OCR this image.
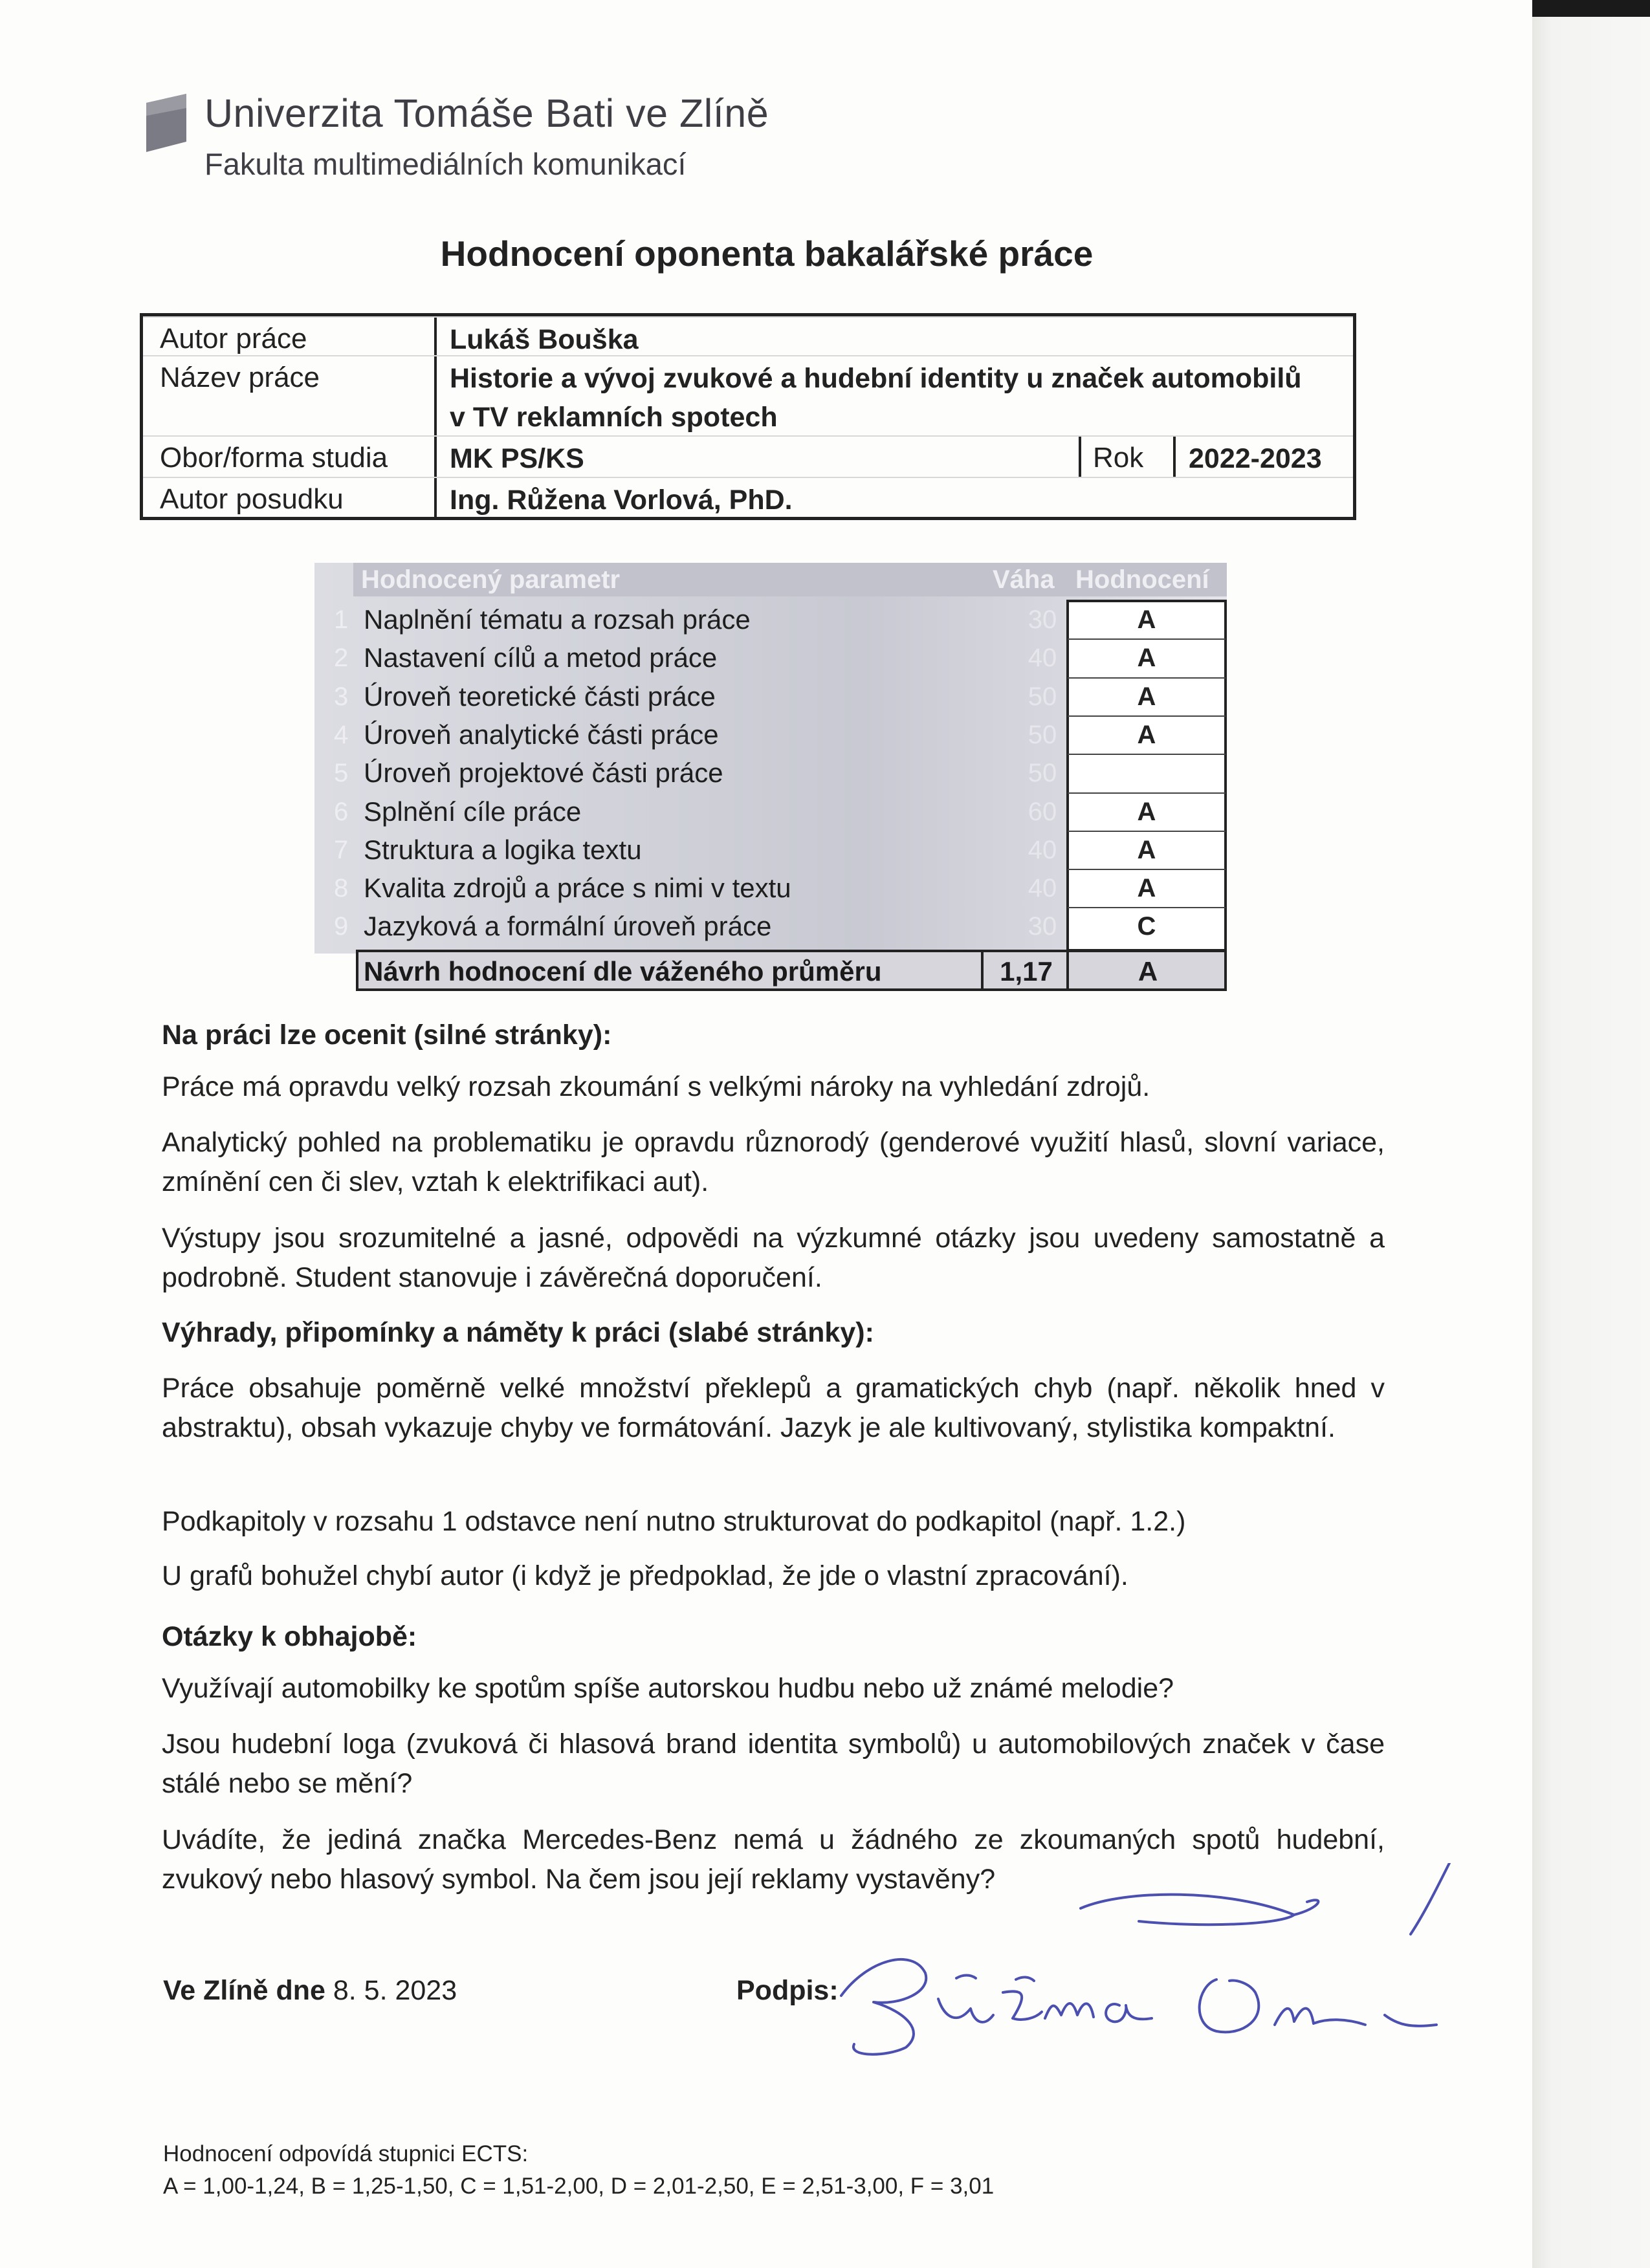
Univerzita Tomáše Bati ve Zlíně
Fakulta multimediálních komunikací
Hodnocení oponenta bakalářské práce
Autor práce	Lukáš Bouška
Název práce	Historie a vývoj zvukové a hudební identity u značek automobilů
v TV reklamních spotech
Obor/forma studia MK PS/KS	Rok 2022-2023
Autor posudku	Ing. Růžena Vorlová, PhD.
Hodnocený parametr	Váha Hodnocení
1 Naplnění tématu a rozsah práce	30	A
2 Nastavení cílů a metod práce	40	A
3 Úroveň teoretické části práce	50	A
4 Úroveň analytické části práce	50	A
5 Úroveň projektové části práce	50
6 Splnění cíle práce	60	A
7 Struktura a logika textu	40	A
8 Kvalita zdrojů a práce s nimi v textu	40	A
9 Jazyková a formální úroveň práce	30	C
Návrh hodnocení dle váženého průměru	1,17	A
Na práci lze ocenit (silné stránky):
Práce má opravdu velký rozsah zkoumání s velkými nároky na vyhledání zdrojů.
Analytický pohled na problematiku je opravdu různorodý (genderové využití hlasů, slovní variace, zmínění cen či slev, vztah k elektrifikaci aut).
Výstupy jsou srozumitelné a jasné, odpovědi na výzkumné otázky jsou uvedeny samostatně a podrobně. Student stanovuje i závěrečná doporučení.
Výhrady, připomínky a náměty k práci (slabé stránky):
Práce obsahuje poměrně velké množství překlepů a gramatických chyb (např. několik hned v abstraktu), obsah vykazuje chyby ve formátování. Jazyk je ale kultivovaný, stylistika kompaktní.
Podkapitoly v rozsahu 1 odstavce není nutno strukturovat do podkapitol (např. 1.2.)
U grafů bohužel chybí autor (i když je předpoklad, že jde o vlastní zpracování).
Otázky k obhajobě:
Využívají automobilky ke spotům spíše autorskou hudbu nebo už známé melodie?
Jsou hudební loga (zvuková či hlasová brand identita symbolů) u automobilových značek v čase stálé nebo se mění?
Uvádíte, že jediná značka Mercedes-Benz nemá u žádného ze zkoumaných spotů hudební, zvukový nebo hlasový symbol. Na čem jsou její reklamy vystavěny?
Ve Zlíně dne 8. 5. 2023	Podpis:
Hodnocení odpovídá stupnici ECTS:
A = 1,00-1,24, B = 1,25-1,50, C = 1,51-2,00, D = 2,01-2,50, E = 2,51-3,00, F = 3,01
